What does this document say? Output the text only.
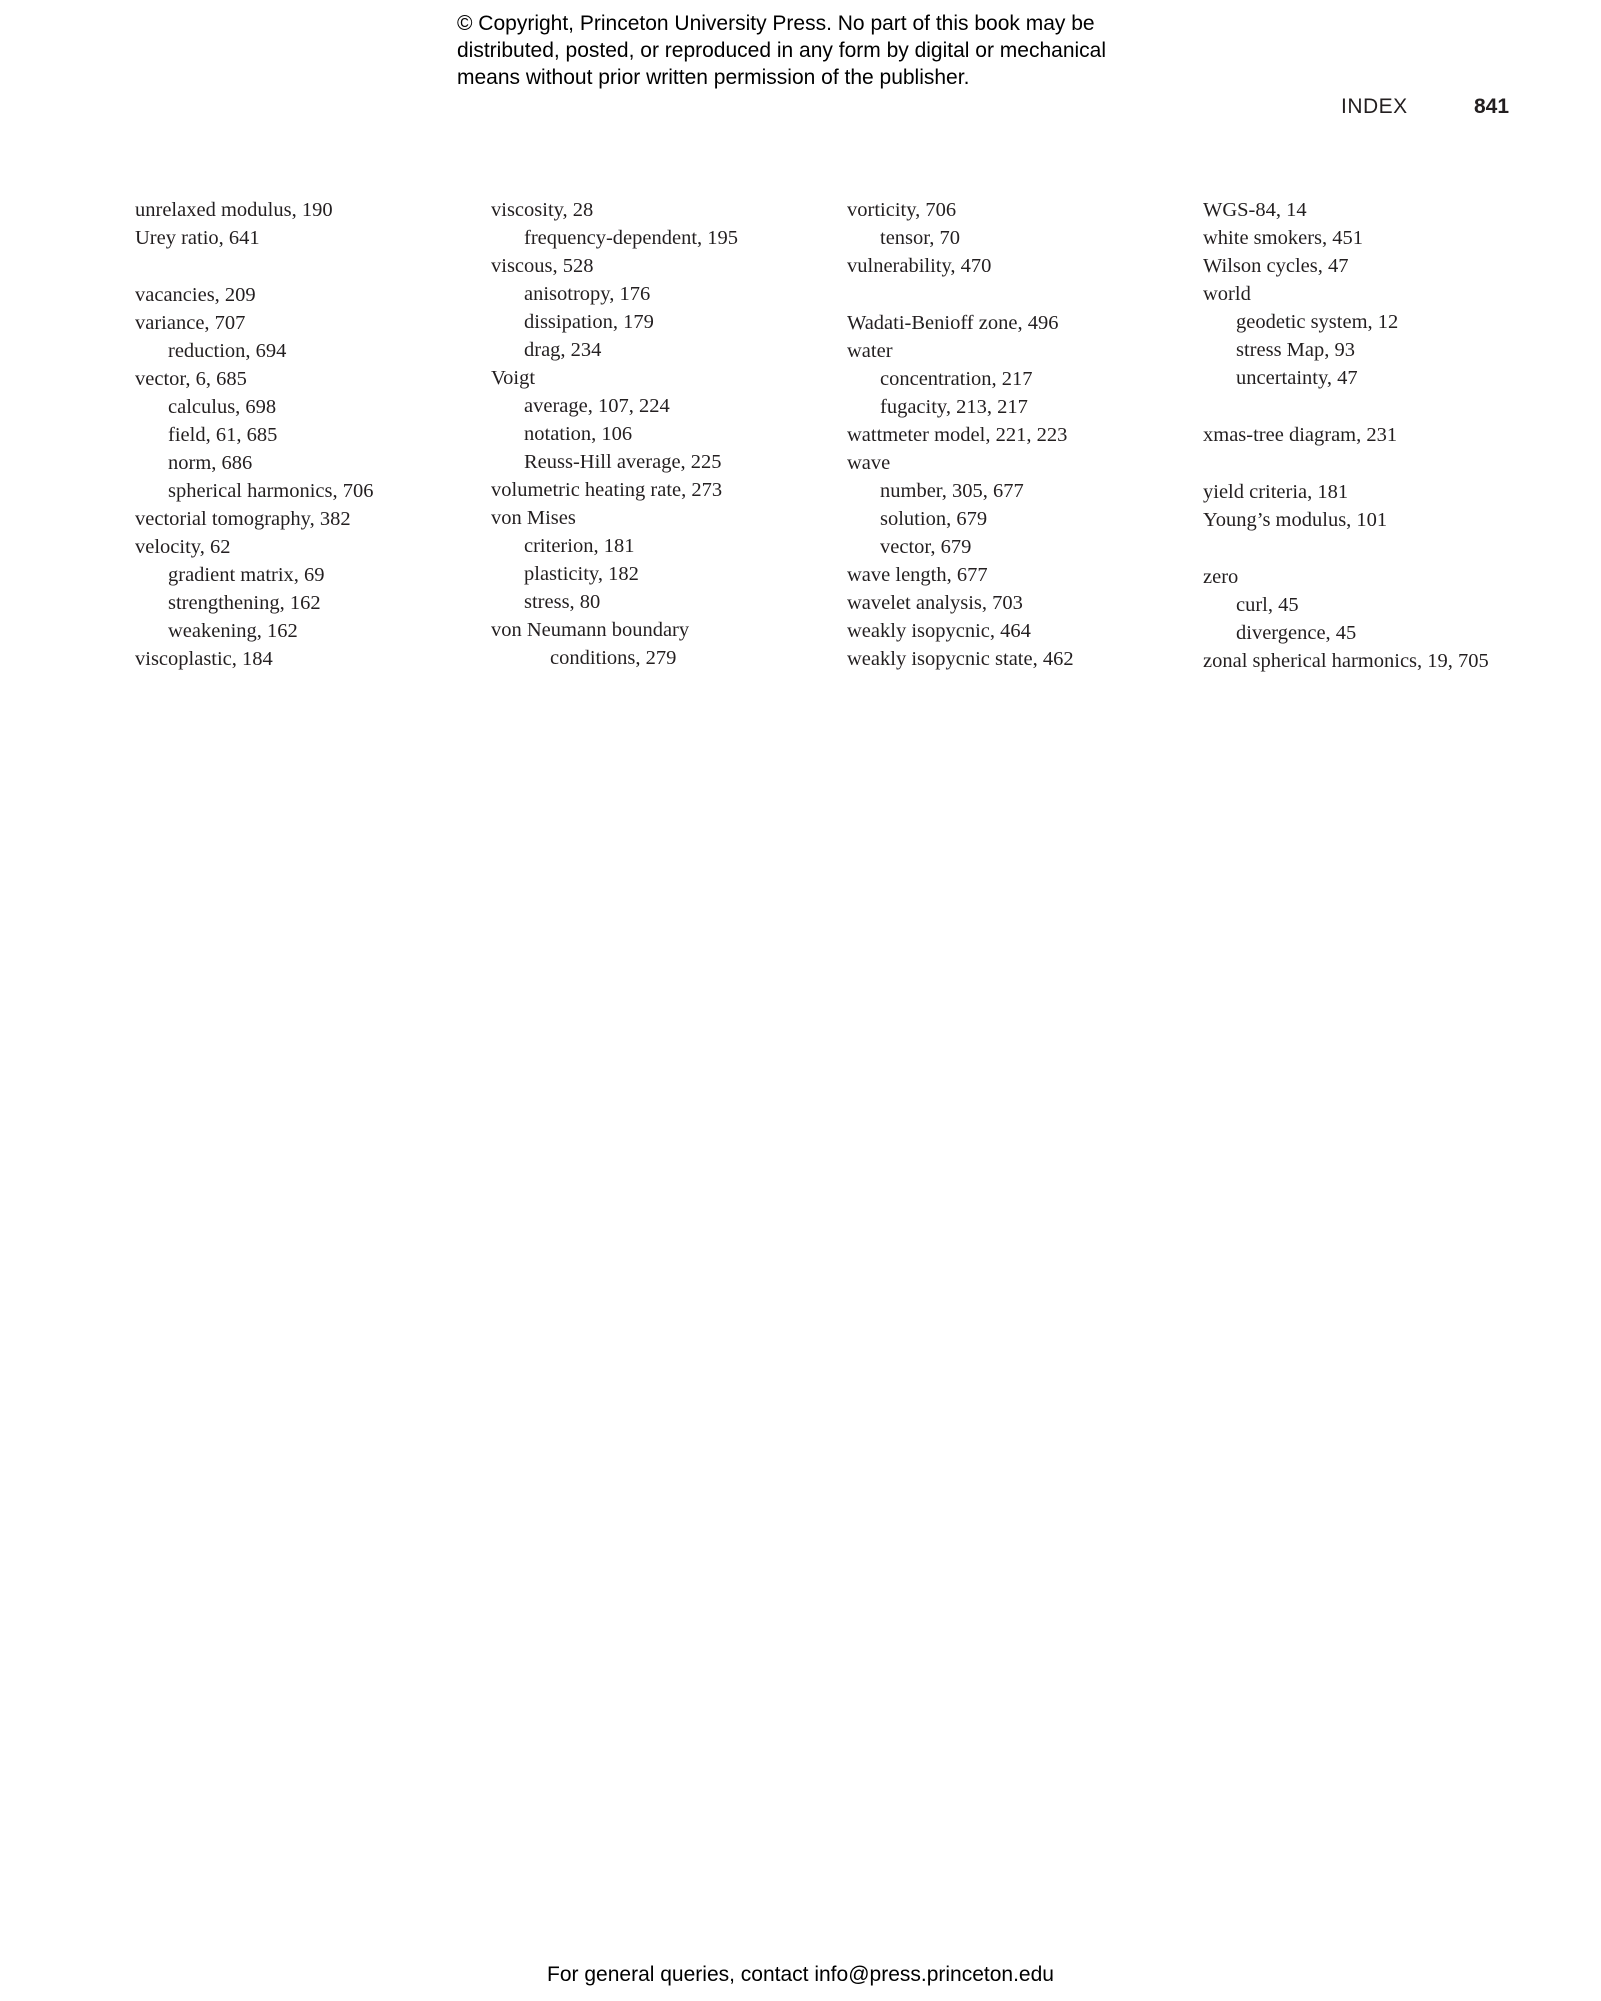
© Copyright, Princeton University Press. No part of this book may be
distributed, posted, or reproduced in any form by digital or mechanical
means without prior written permission of the publisher.
INDEX	841
unrelaxed modulus, 190
Urey ratio, 641
vacancies, 209
variance, 707
reduction, 694
vector, 6, 685
calculus, 698
field, 61, 685
norm, 686
spherical harmonics, 706
vectorial tomography, 382
velocity, 62
gradient matrix, 69
strengthening, 162
weakening, 162
viscoplastic, 184
viscosity, 28
frequency-dependent, 195
viscous, 528
anisotropy, 176
dissipation, 179
drag, 234
Voigt
average, 107, 224
notation, 106
Reuss-Hill average, 225
volumetric heating rate, 273
von Mises
criterion, 181
plasticity, 182
stress, 80
von Neumann boundary
conditions, 279
vorticity, 706
tensor, 70
vulnerability, 470
Wadati-Benioff zone, 496
water
concentration, 217
fugacity, 213, 217
wattmeter model, 221, 223
wave
number, 305, 677
solution, 679
vector, 679
wave length, 677
wavelet analysis, 703
weakly isopycnic, 464
weakly isopycnic state, 462
WGS-84, 14
white smokers, 451
Wilson cycles, 47
world
geodetic system, 12
stress Map, 93
uncertainty, 47
xmas-tree diagram, 231
yield criteria, 181
Young’s modulus, 101
zero
curl, 45
divergence, 45
zonal spherical harmonics, 19, 705
For general queries, contact info@press.princeton.edu
